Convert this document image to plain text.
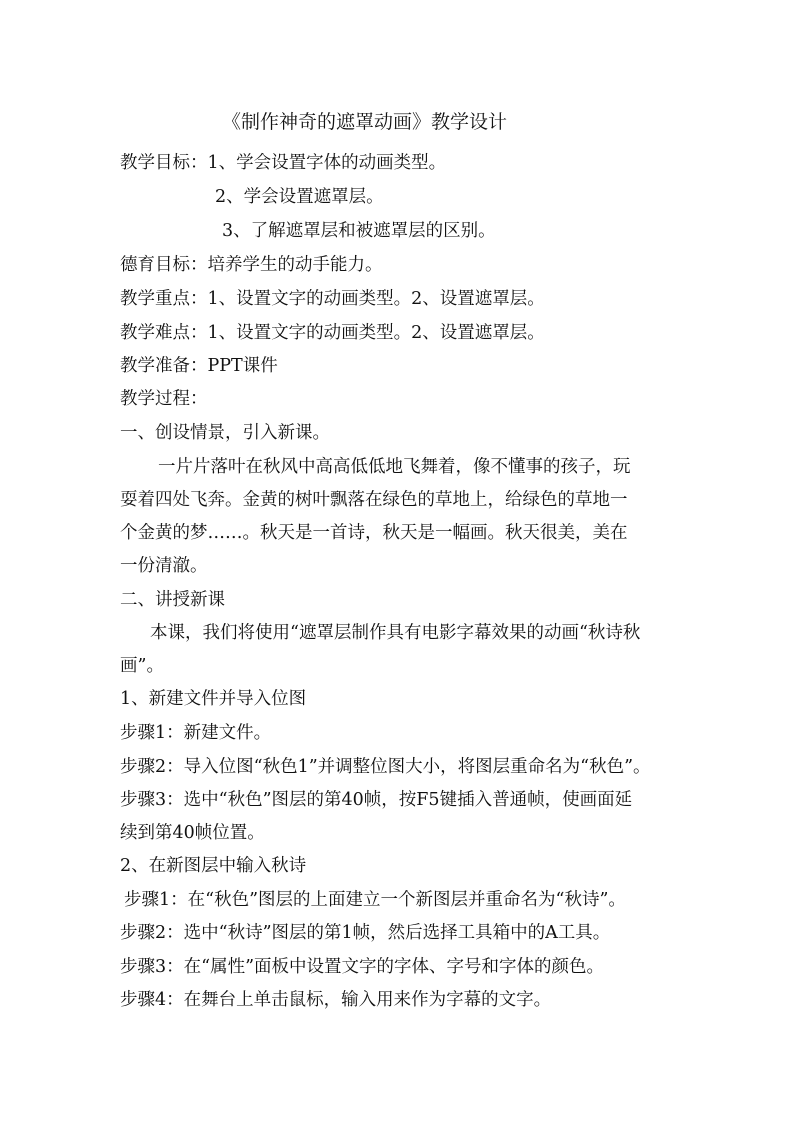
《制作神奇的遮罩动画》教学设计
教学目标：1、学会设置字体的动画类型。
2、学会设置遮罩层。
3、了解遮罩层和被遮罩层的区别。
德育目标：培养学生的动手能力。
教学重点：1、设置文字的动画类型。2、设置遮罩层。
教学难点：1、设置文字的动画类型。2、设置遮罩层。
教学准备：PPT课件
教学过程：
一、创设情景，引入新课。
一片片落叶在秋风中高高低低地飞舞着，像不懂事的孩子，玩
耍着四处飞奔。金黄的树叶飘落在绿色的草地上，给绿色的草地一
个金黄的梦……。秋天是一首诗，秋天是一幅画。秋天很美，美在
一份清澈。
二、讲授新课
本课，我们将使用“遮罩层制作具有电影字幕效果的动画“秋诗秋
画”。
1、新建文件并导入位图
步骤1：新建文件。
步骤2：导入位图“秋色1”并调整位图大小，将图层重命名为“秋色”。
步骤3：选中“秋色”图层的第40帧，按F5键插入普通帧，使画面延
续到第40帧位置。
2、在新图层中输入秋诗
步骤1：在“秋色”图层的上面建立一个新图层并重命名为“秋诗”。
步骤2：选中“秋诗”图层的第1帧，然后选择工具箱中的A工具。
步骤3：在“属性”面板中设置文字的字体、字号和字体的颜色。
步骤4：在舞台上单击鼠标，输入用来作为字幕的文字。
